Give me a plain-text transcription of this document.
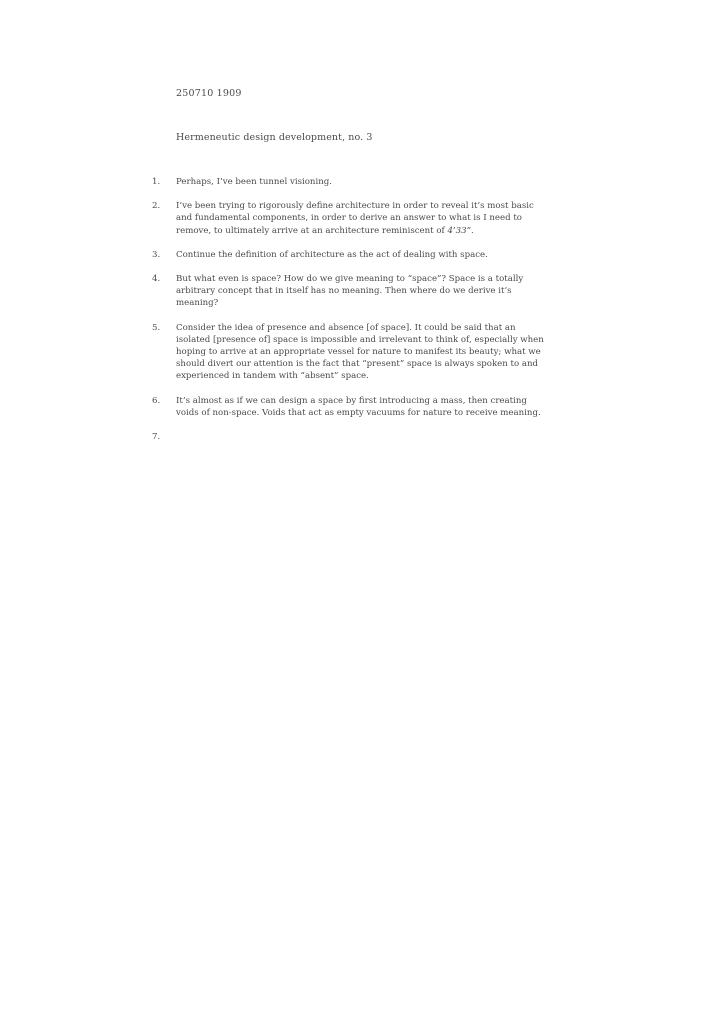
250710 1909
Hermeneutic design development, no. 3
1.	Perhaps, I’ve been tunnel visioning.
2.	I’ve been trying to rigorously define architecture in order to reveal it’s most basic and fundamental components, in order to derive an answer to what is I need to remove, to ultimately arrive at an architecture reminiscent of 4’33”.
3.	Continue the definition of architecture as the act of dealing with space.
4.	But what even is space? How do we give meaning to “space”? Space is a totally arbitrary concept that in itself has no meaning. Then where do we derive it’s meaning?
5.	Consider the idea of presence and absence [of space]. It could be said that an isolated [presence of] space is impossible and irrelevant to think of, especially when hoping to arrive at an appropriate vessel for nature to manifest its beauty; what we should divert our attention is the fact that “present” space is always spoken to and experienced in tandem with “absent” space.
6.	It’s almost as if we can design a space by first introducing a mass, then creating voids of non-space. Voids that act as empty vacuums for nature to receive meaning.
7.
